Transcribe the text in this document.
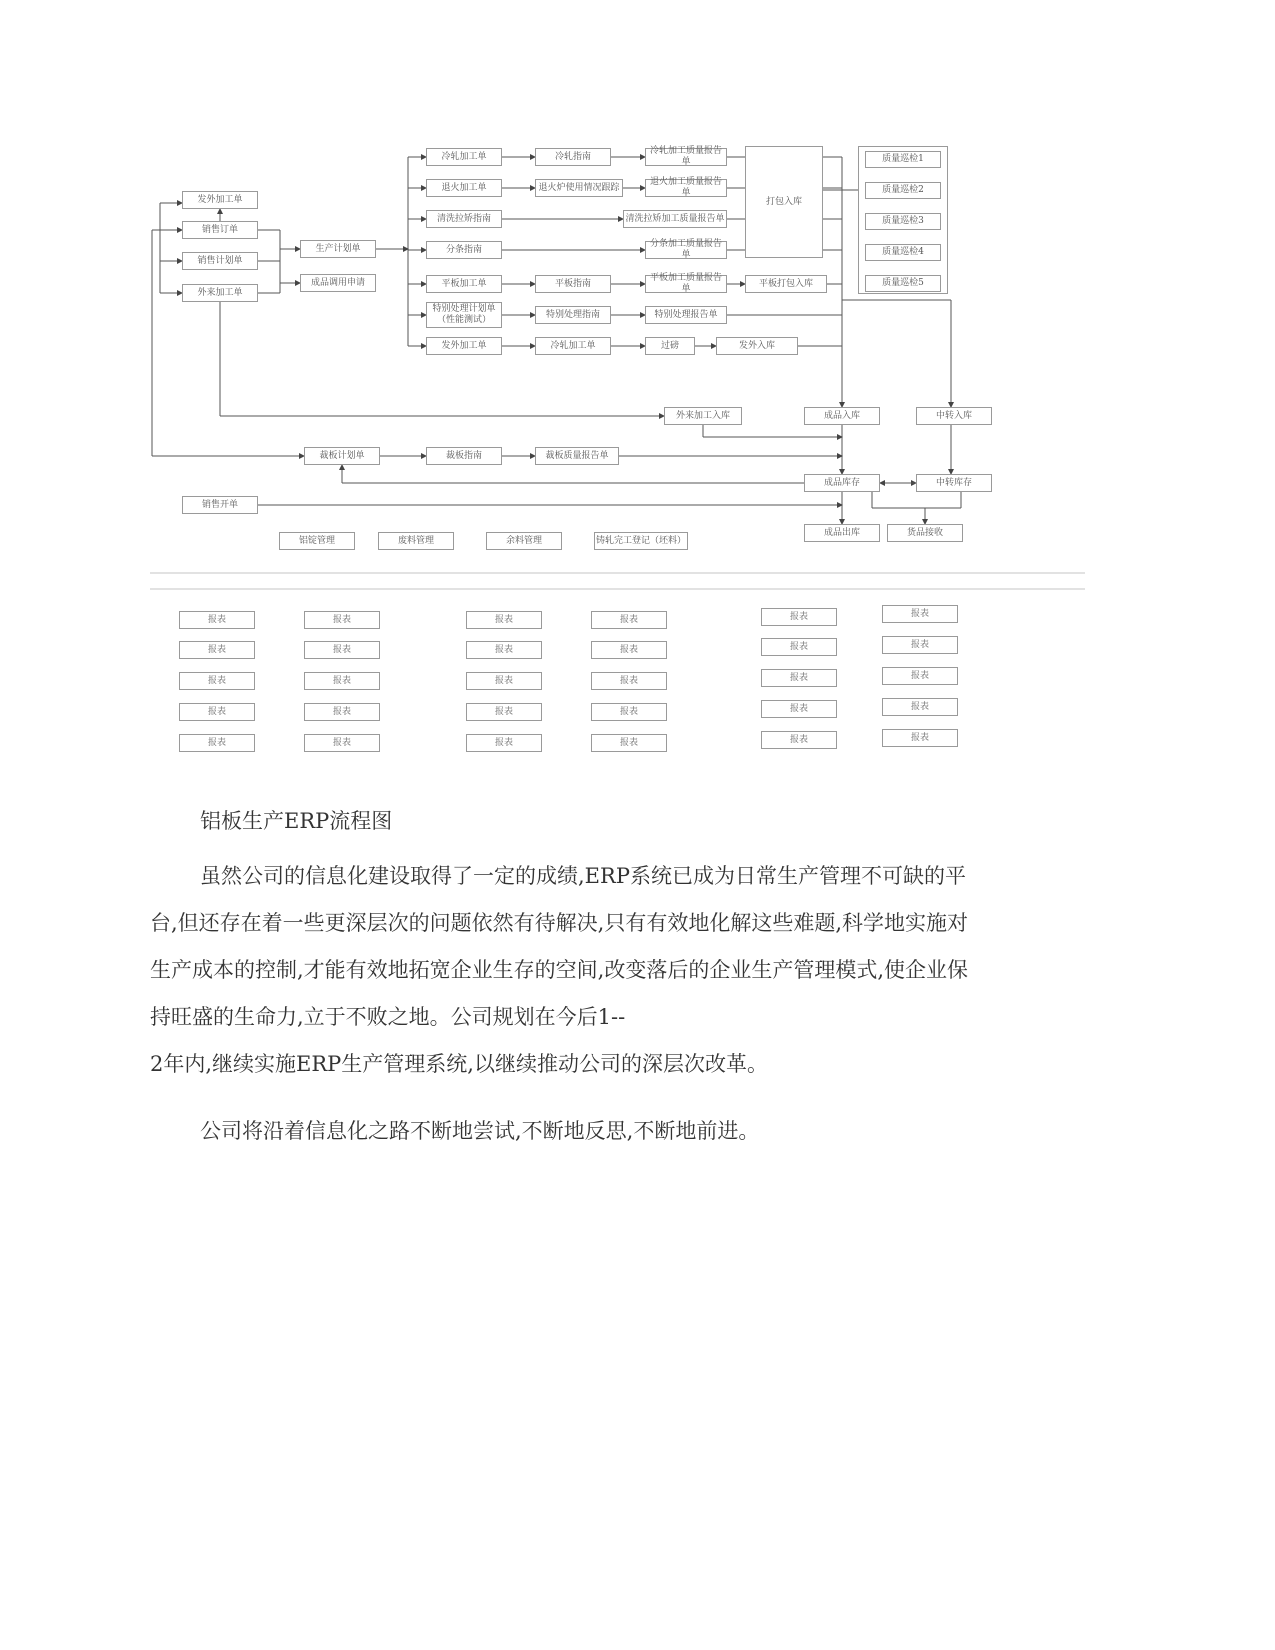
发外加工单
销售订单
销售计划单
外来加工单
生产计划单
成品调用申请
冷轧加工单	冷轧指南
冷轧加工质量报告单
退火加工单	退火炉使用情况跟踪
退火加工质量报告单
清洗拉矫指南	清洗拉矫加工质量报告单
分条指南
分条加工质量报告单
平板加工单	平板指南
平板加工质量报告单
平板打包入库
特别处理计划单
（性能测试）
特别处理指南	特别处理报告单
发外加工单	冷轧加工单	过磅	发外入库
打包入库
质量巡检1
质量巡检2
质量巡检3
质量巡检4
质量巡检5
外来加工入库	成品入库	中转入库
成品库存	中转库存
成品出库	货品接收
裁板计划单	裁板指南	裁板质量报告单
销售开单
铝锭管理	废料管理	余料管理	铸轧完工登记（坯料）
报表
报表
报表
报表
报表
报表
报表
报表
报表
报表
报表
报表
报表
报表
报表
报表
报表
报表
报表
报表
报表
报表
报表
报表
报表
报表
报表
报表
报表
报表
铝板生产ERP流程图
虽然公司的信息化建设取得了一定的成绩,ERP系统已成为日常生产管理不可缺的平
台,但还存在着一些更深层次的问题依然有待解决,只有有效地化解这些难题,科学地实施对
生产成本的控制,才能有效地拓宽企业生存的空间,改变落后的企业生产管理模式,使企业保
持旺盛的生命力,立于不败之地。公司规划在今后1--
2年内,继续实施ERP生产管理系统,以继续推动公司的深层次改革。
公司将沿着信息化之路不断地尝试,不断地反思,不断地前进。
